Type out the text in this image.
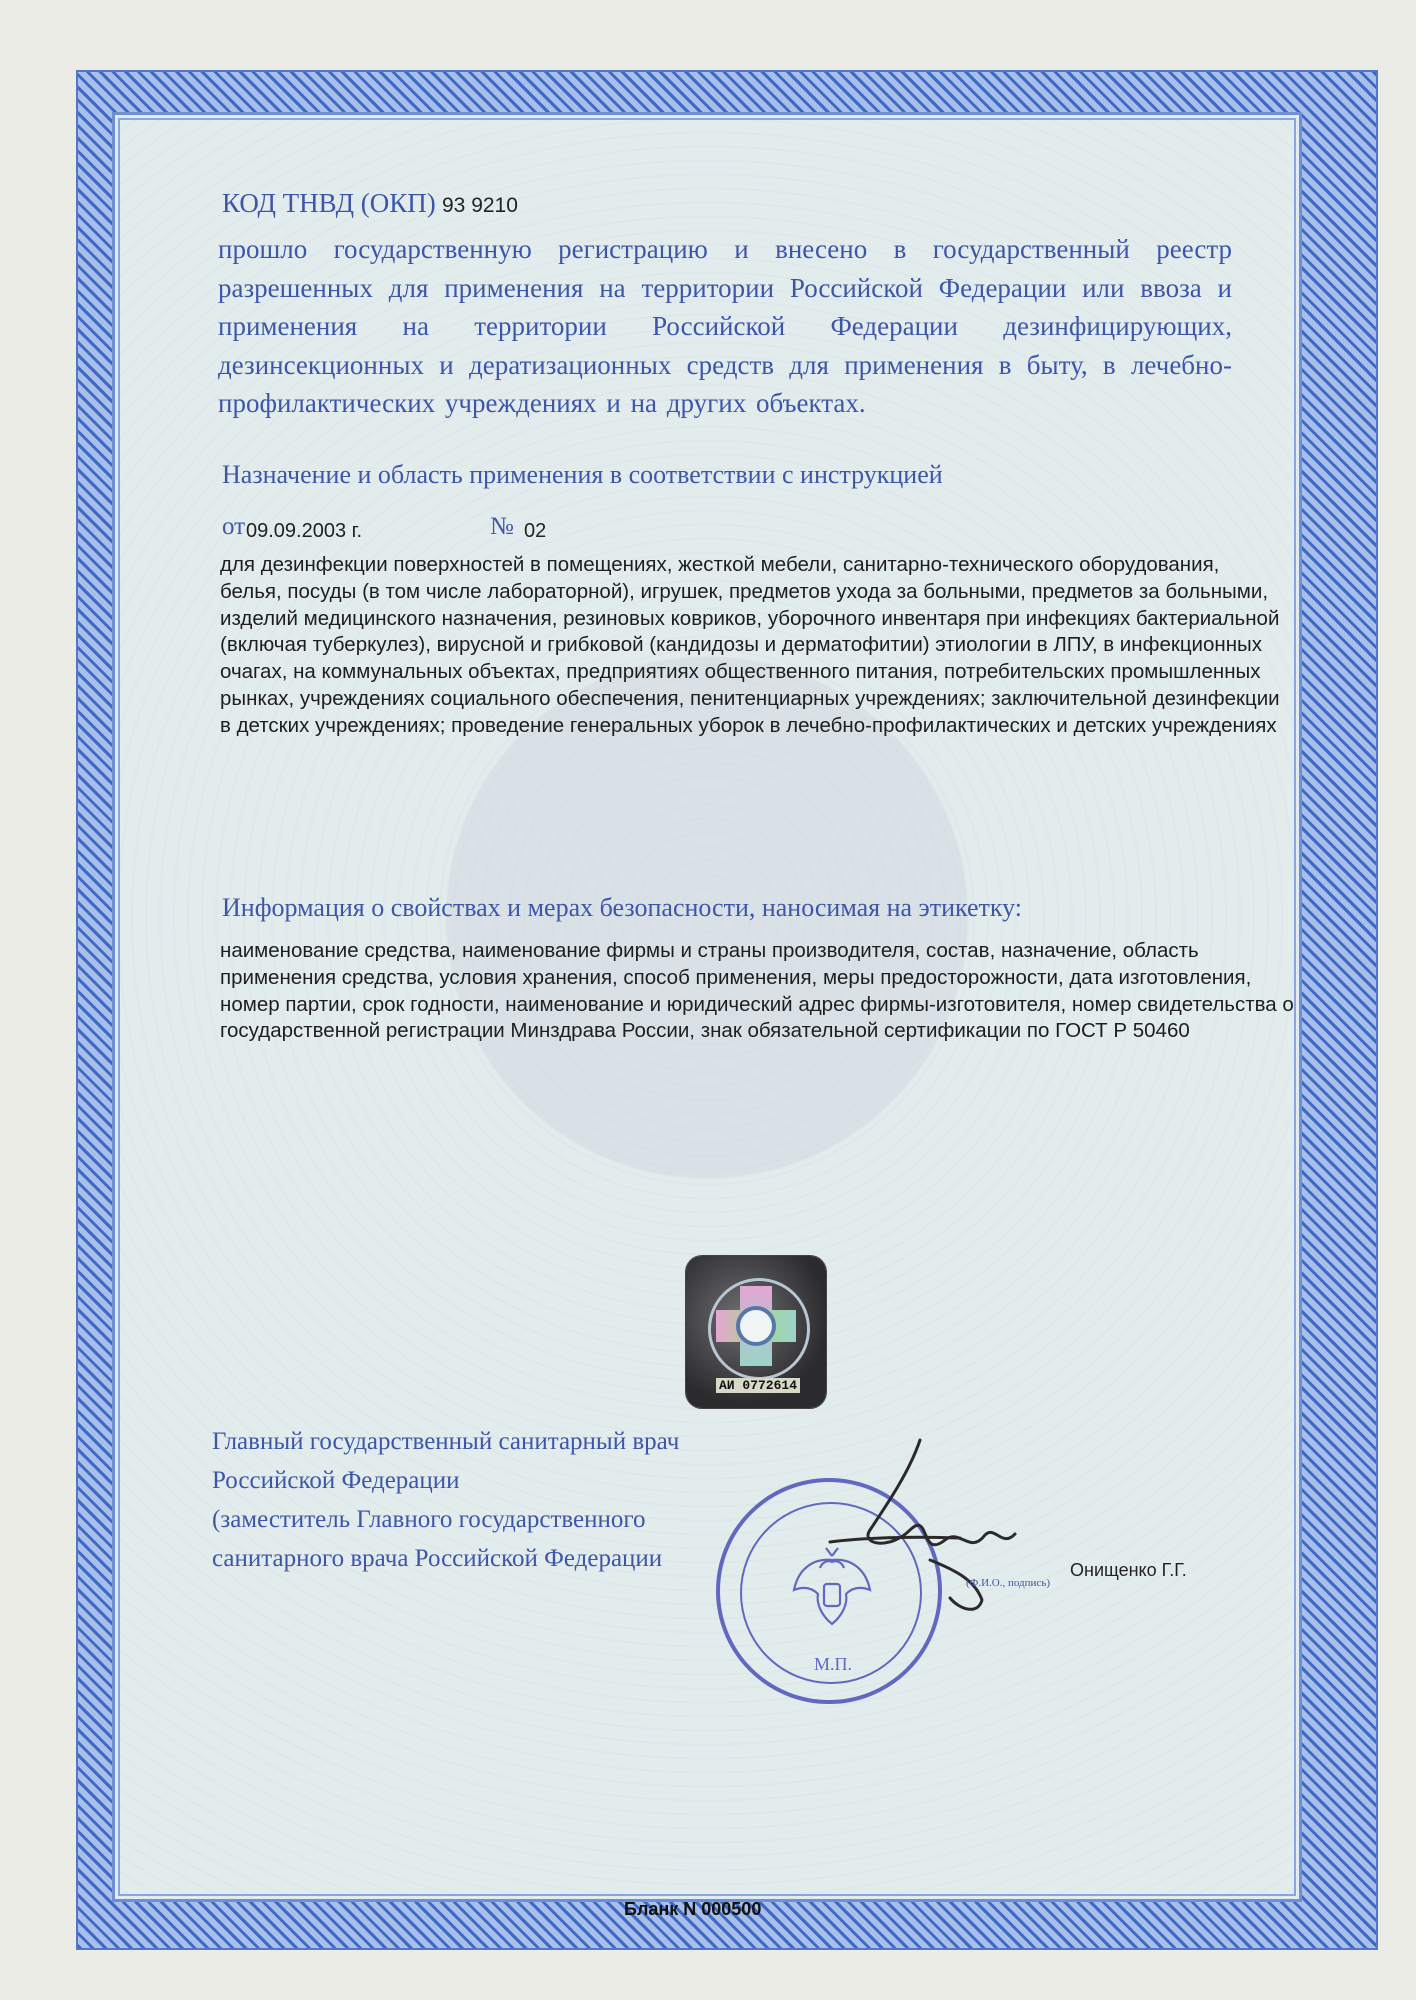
КОД ТНВД (ОКП) 93 9210
прошло государственную регистрацию и внесено в государственный реестр разрешенных для применения на территории Российской Федерации или ввоза и применения на территории Российской Федерации дезинфицирующих, дезинсекционных и дератизационных средств для применения в быту, в лечебно-профилактических учреждениях и на других объектах.
Назначение и область применения в соответствии с инструкцией
от 09.09.2003 г.	№ 02
для дезинфекции поверхностей в помещениях, жесткой мебели, санитарно-технического оборудования, белья, посуды (в том числе лабораторной), игрушек, предметов ухода за больными, предметов за больными, изделий медицинского назначения, резиновых ковриков, уборочного инвентаря при инфекциях бактериальной (включая туберкулез), вирусной и грибковой (кандидозы и дерматофитии) этиологии в ЛПУ, в инфекционных очагах, на коммунальных объектах, предприятиях общественного питания, потребительских промышленных рынках, учреждениях социального обеспечения, пенитенциарных учреждениях; заключительной дезинфекции в детских учреждениях; проведение генеральных уборок в лечебно-профилактических и детских учреждениях
Информация о свойствах и мерах безопасности, наносимая на этикетку:
наименование средства, наименование фирмы и страны производителя, состав, назначение, область применения средства, условия хранения, способ применения, меры предосторожности, дата изготовления, номер партии, срок годности, наименование и юридический адрес фирмы-изготовителя, номер свидетельства о государственной регистрации Минздрава России, знак обязательной сертификации по ГОСТ Р 50460
АИ 0772614
Главный государственный санитарный врач
Российской Федерации
(заместитель Главного государственного
санитарного врача Российской Федерации
М.П.
(Ф.И.О., подпись)
Онищенко Г.Г.
Бланк N 000500
